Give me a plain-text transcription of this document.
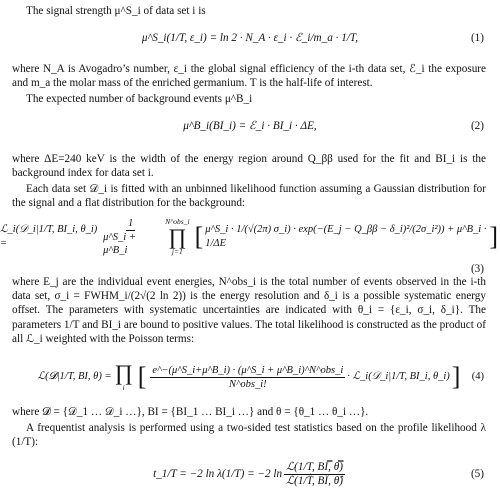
The signal strength μ^S_i of data set i is

μ^S_i(1/T, ε_i) = ln 2 · N_A · ε_i · ℰ_i/m_a · 1/T,	(1)

where N_A is Avogadro’s number, ε_i the global signal efficiency of the i-th data set, ℰ_i the exposure and m_a the molar mass of the enriched germanium. T is the half-life of interest.

The expected number of background events μ^B_i

μ^B_i(BI_i) = ℰ_i · BI_i · ΔE,	(2)

where ΔE=240 keV is the width of the energy region around Q_ββ used for the fit and BI_i is the background index for data set i.

Each data set 𝒟_i is fitted with an unbinned likelihood function assuming a Gaussian distribution for the signal and a flat distribution for the background:

ℒ_i(𝒟_i|1/T, BI_i, θ_i) =	$\frac{1}{\mu\^{}S\_i + \mu\^{}B\_i}$ N^obs_i
∏
j=1
[ μ^S_i · 1/(√(2π) σ_i) · exp(−(E_j − Q_ββ − δ_i)²/(2σ_i²)) + μ^B_i · 1/ΔE	]
(3)

where E_j are the individual event energies, N^obs_i is the total number of events observed in the i-th data set, σ_i = FWHM_i/(2√(2 ln 2)) is the energy resolution and δ_i is a possible systematic energy offset. The parameters with systematic uncertainties are indicated with θ_i = {ε_i, σ_i, δ_i}. The parameters 1/T and BI_i are bound to positive values. The total likelihood is constructed as the product of all ℒ_i weighted with the Poisson terms:

ℒ(𝓓|1/T, BI, θ) = ∏
i [ $\frac{\text{e\textasciicircum{}−(μ\textasciicircum{}S\_i+μ\textasciicircum{}B\_i) · (μ\textasciicircum{}S\_i + μ\textasciicircum{}B\_i)\textasciicircum{}N\textasciicircum{}obs\_i}}{\text{N\textasciicircum{}obs\_i!}}$ · ℒ_i(𝒟_i|1/T, BI_i, θ_i) ] (4)

where 𝓓 = {𝒟_1 … 𝒟_i …}, BI = {BI_1 … BI_i …} and θ = {θ_1 … θ_i …}.

A frequentist analysis is performed using a two-sided test statistics based on the profile likelihood λ (1/T):

t_1/T = −2 ln λ(1/T) = −2 $\ln \frac{\text{ℒ(1/T, BI̿, θ̿)}}{\text{ℒ(1/T̂, BÎ, θ̂)}}$	(5)
